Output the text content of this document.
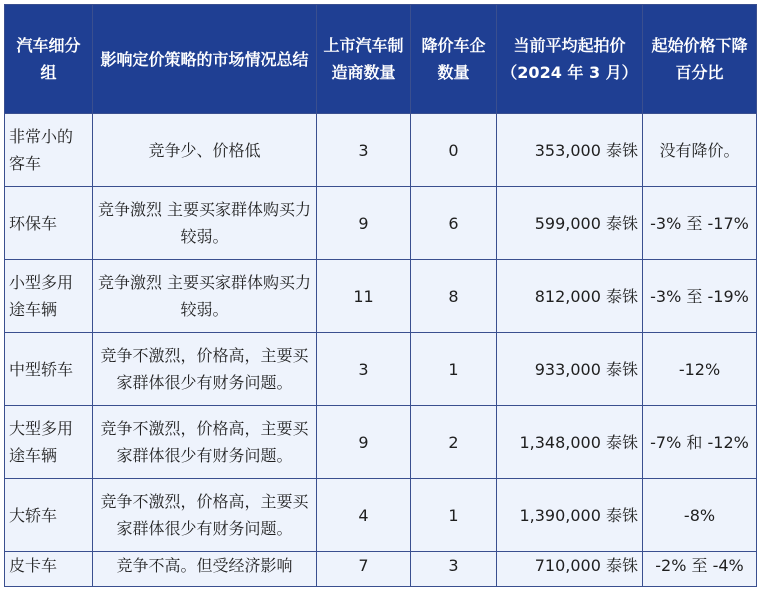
汽车细分组	影响定价策略的市场情况总结	上市汽车制造商数量	降价车企数量	当前平均起拍价（2024 年 3 月）	起始价格下降百分比
非常小的客车	竞争少、价格低	3	0	353,000 泰铢	没有降价。
环保车	竞争激烈 主要买家群体购买力较弱。	9	6	599,000 泰铢	-3% 至 -17%
小型多用途车辆	竞争激烈 主要买家群体购买力较弱。	11	8	812,000 泰铢	-3% 至 -19%
中型轿车	竞争不激烈，价格高，主要买家群体很少有财务问题。	3	1	933,000 泰铢	-12%
大型多用途车辆	竞争不激烈，价格高，主要买家群体很少有财务问题。	9	2	1,348,000 泰铢	-7% 和 -12%
大轿车	竞争不激烈，价格高，主要买家群体很少有财务问题。	4	1	1,390,000 泰铢	-8%
皮卡车	竞争不高。但受经济影响	7	3	710,000 泰铢	-2% 至 -4%
